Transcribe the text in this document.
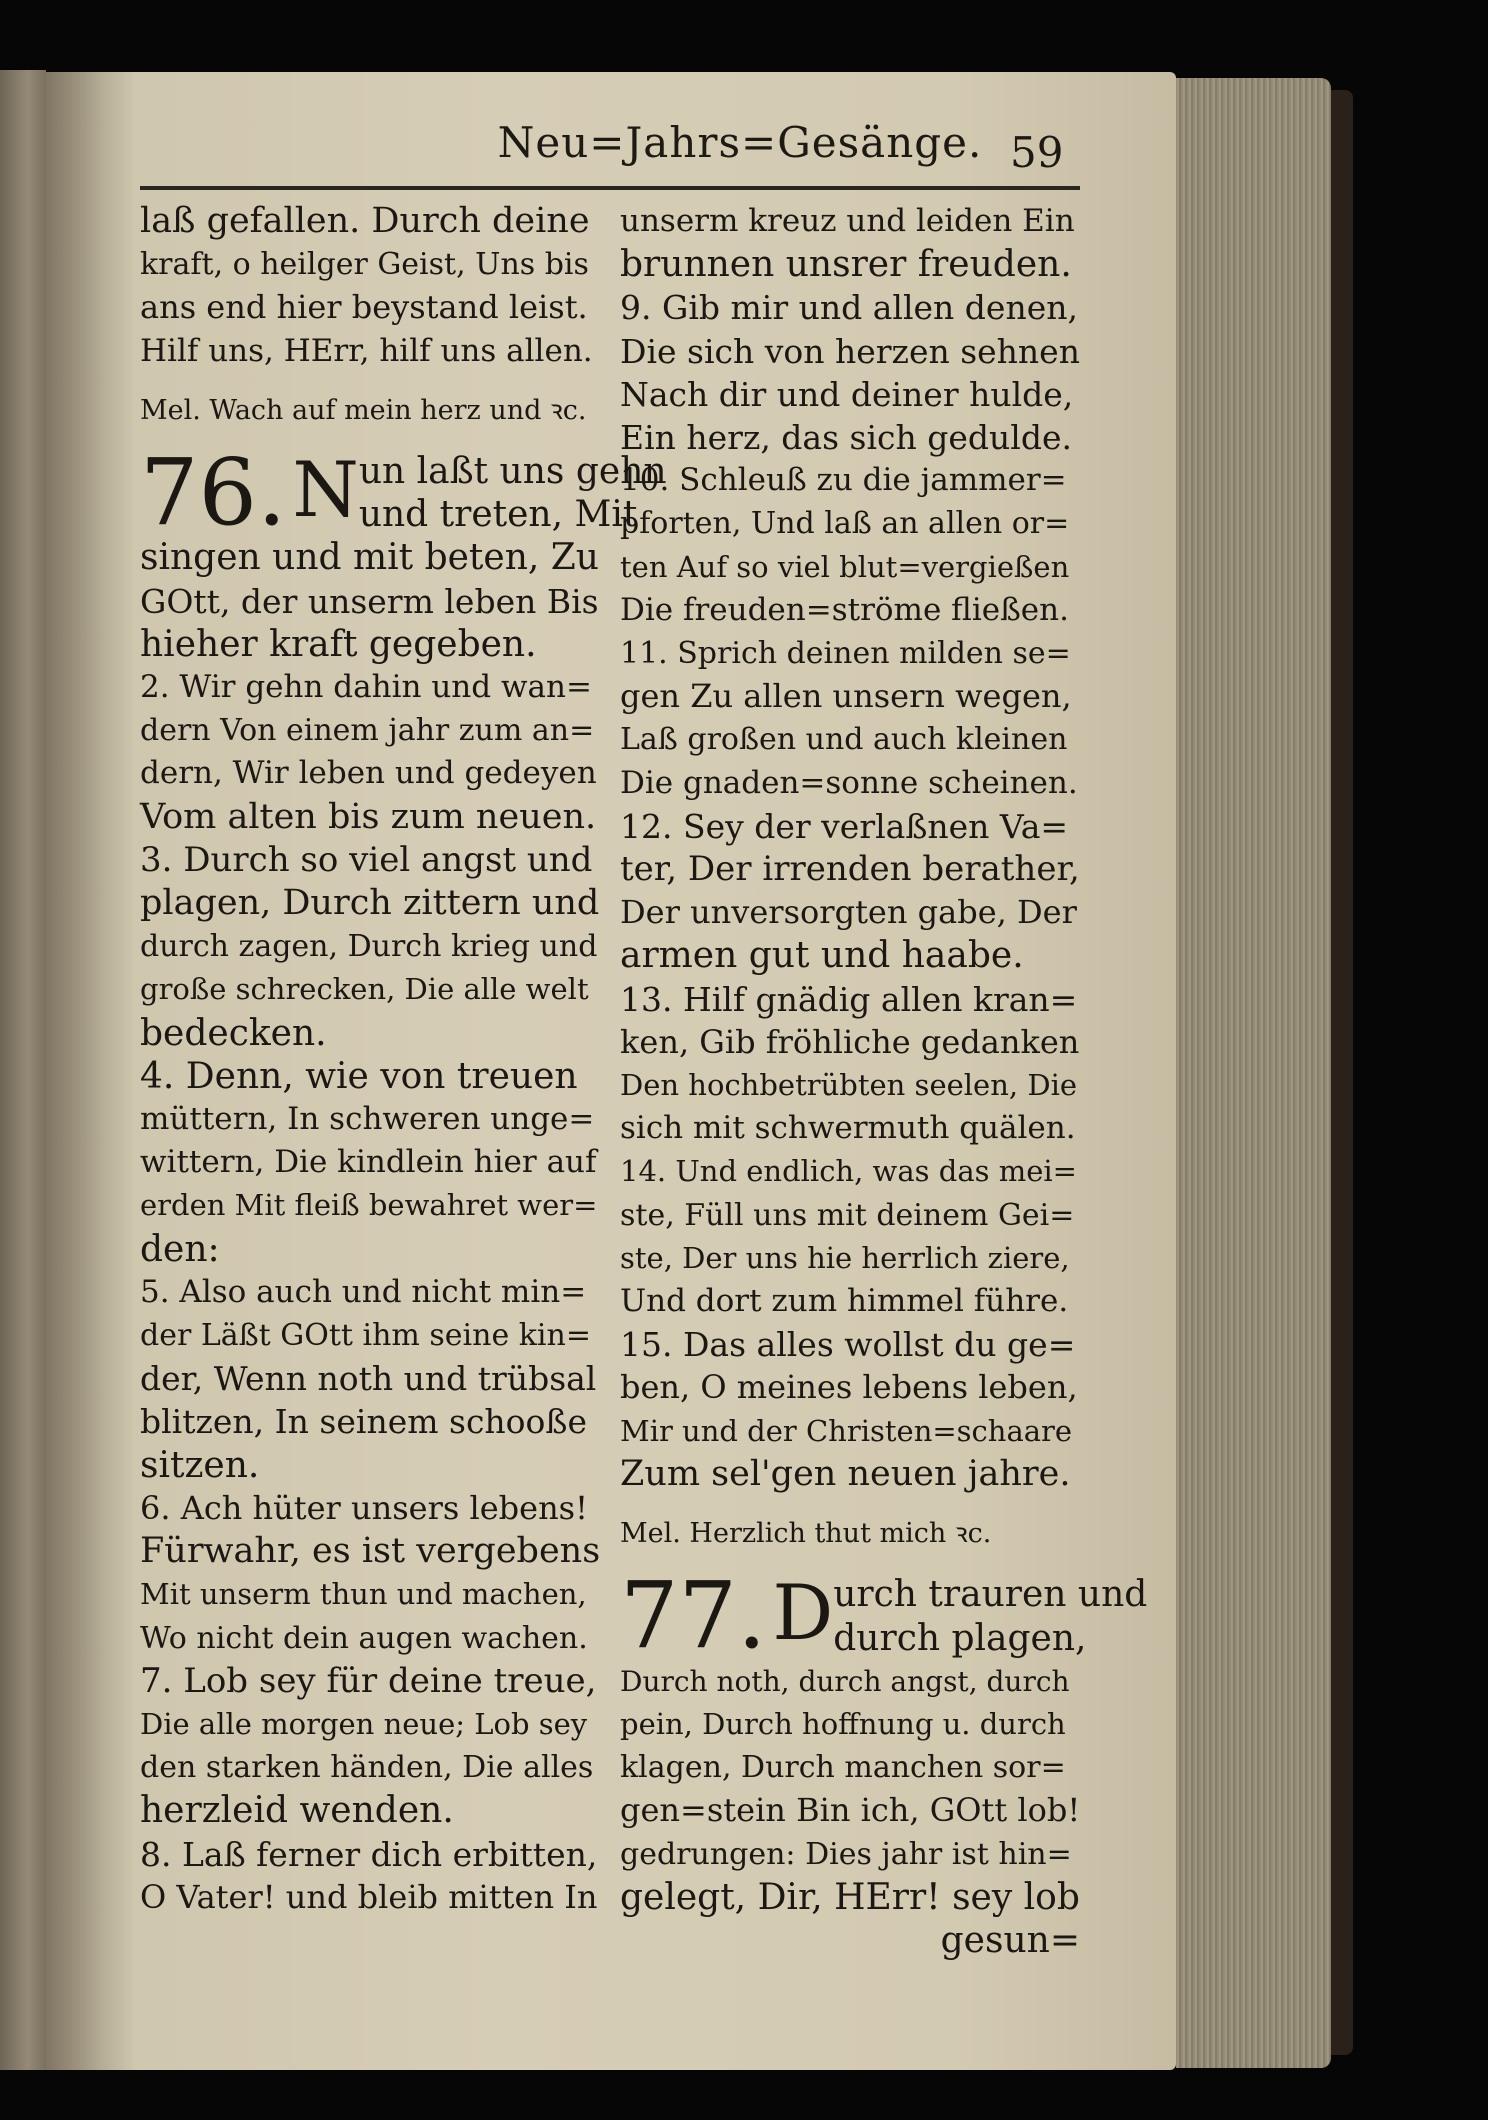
Neu=Jahrs=Gesänge. 59

laß gefallen. Durch deine

kraft, o heilger Geist, Uns bis

ans end hier beystand leist.

Hilf uns, HErr, hilf uns allen.

Mel. Wach auf mein herz und ꝛc.

76. N un laßt uns gehn

und treten, Mit

singen und mit beten, Zu

GOtt, der unserm leben Bis

hieher kraft gegeben.

2. Wir gehn dahin und wan=

dern Von einem jahr zum an=

dern, Wir leben und gedeyen

Vom alten bis zum neuen.

3. Durch so viel angst und

plagen, Durch zittern und

durch zagen, Durch krieg und

große schrecken, Die alle welt

bedecken.

4. Denn, wie von treuen

müttern, In schweren unge=

wittern, Die kindlein hier auf

erden Mit fleiß bewahret wer=

den:

5. Also auch und nicht min=

der Läßt GOtt ihm seine kin=

der, Wenn noth und trübsal

blitzen, In seinem schooße

sitzen.

6. Ach hüter unsers lebens!

Fürwahr, es ist vergebens

Mit unserm thun und machen,

Wo nicht dein augen wachen.

7. Lob sey für deine treue,

Die alle morgen neue; Lob sey

den starken händen, Die alles

herzleid wenden.

8. Laß ferner dich erbitten,

O Vater! und bleib mitten In

unserm kreuz und leiden Ein

brunnen unsrer freuden.

9. Gib mir und allen denen,

Die sich von herzen sehnen

Nach dir und deiner hulde,

Ein herz, das sich gedulde.

10. Schleuß zu die jammer=

pforten, Und laß an allen or=

ten Auf so viel blut=vergießen

Die freuden=ströme fließen.

11. Sprich deinen milden se=

gen Zu allen unsern wegen,

Laß großen und auch kleinen

Die gnaden=sonne scheinen.

12. Sey der verlaßnen Va=

ter, Der irrenden berather,

Der unversorgten gabe, Der

armen gut und haabe.

13. Hilf gnädig allen kran=

ken, Gib fröhliche gedanken

Den hochbetrübten seelen, Die

sich mit schwermuth quälen.

14. Und endlich, was das mei=

ste, Füll uns mit deinem Gei=

ste, Der uns hie herrlich ziere,

Und dort zum himmel führe.

15. Das alles wollst du ge=

ben, O meines lebens leben,

Mir und der Christen=schaare

Zum sel'gen neuen jahre.

Mel. Herzlich thut mich ꝛc.

77. D urch trauren und

durch plagen,

Durch noth, durch angst, durch

pein, Durch hoffnung u. durch

klagen, Durch manchen sor=

gen=stein Bin ich, GOtt lob!

gedrungen: Dies jahr ist hin=

gelegt, Dir, HErr! sey lob

gesun=
